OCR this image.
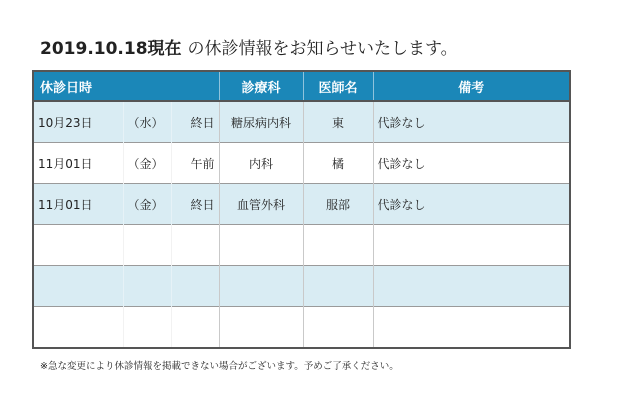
2019.10.18現在 の休診情報をお知らせいたします。
休診日時			診療科	医師名	備考
10月23日	（水）	終日	糖尿病内科	東	代診なし
11月01日	（金）	午前	内科	橘	代診なし
11月01日	（金）	終日	血管外科	服部	代診なし

※急な変更により休診情報を掲載できない場合がございます。予めご了承ください。
